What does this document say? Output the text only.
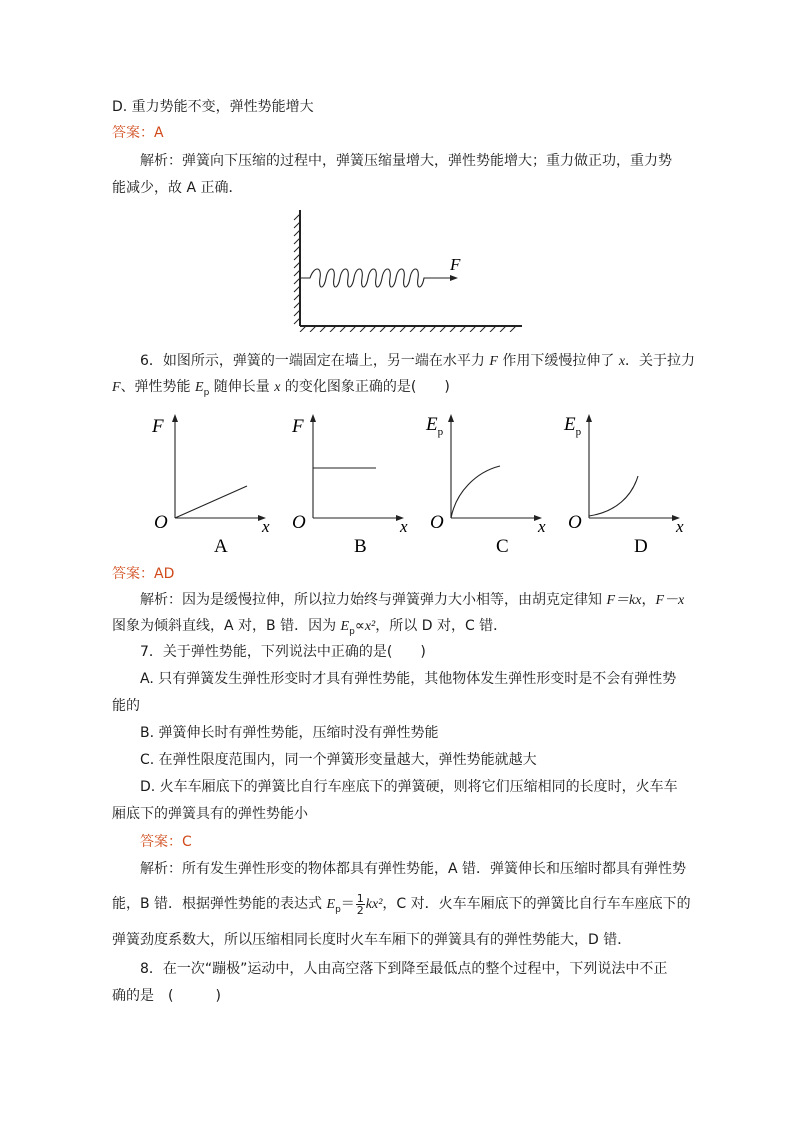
D. 重力势能不变，弹性势能增大
答案：A
解析：弹簧向下压缩的过程中，弹簧压缩量增大，弹性势能增大；重力做正功，重力势
能减少，故 A 正确．
F
6．如图所示，弹簧的一端固定在墙上，另一端在水平力 F 作用下缓慢拉伸了 x．关于拉力
F、弹性势能 $E_p$ 随伸长量 x 的变化图象正确的是(　　)
F
O	x
A
F
O	x
B
$E_p$
O	x
C
$E_p$
O	x
D
答案：AD
解析：因为是缓慢拉伸，所以拉力始终与弹簧弹力大小相等，由胡克定律知 F＝kx，F－x
图象为倾斜直线，A 对，B 错．因为 $E_p\propto x^2$，所以 D 对，C 错．
7．关于弹性势能，下列说法中正确的是(　　)
A. 只有弹簧发生弹性形变时才具有弹性势能，其他物体发生弹性形变时是不会有弹性势
能的
B. 弹簧伸长时有弹性势能，压缩时没有弹性势能
C. 在弹性限度范围内，同一个弹簧形变量越大，弹性势能就越大
D. 火车车厢底下的弹簧比自行车座底下的弹簧硬，则将它们压缩相同的长度时，火车车
厢底下的弹簧具有的弹性势能小
答案：C
解析：所有发生弹性形变的物体都具有弹性势能，A 错．弹簧伸长和压缩时都具有弹性势
能，B 错．根据弹性势能的表达式 $E_p= \frac{1}{2} kx^2$，C 对．火车车厢底下的弹簧比自行车车座底下的
弹簧劲度系数大，所以压缩相同长度时火车车厢下的弹簧具有的弹性势能大，D 错．
8．在一次“蹦极”运动中，人由高空落下到降至最低点的整个过程中，下列说法中不正
确的是　(　　　)
